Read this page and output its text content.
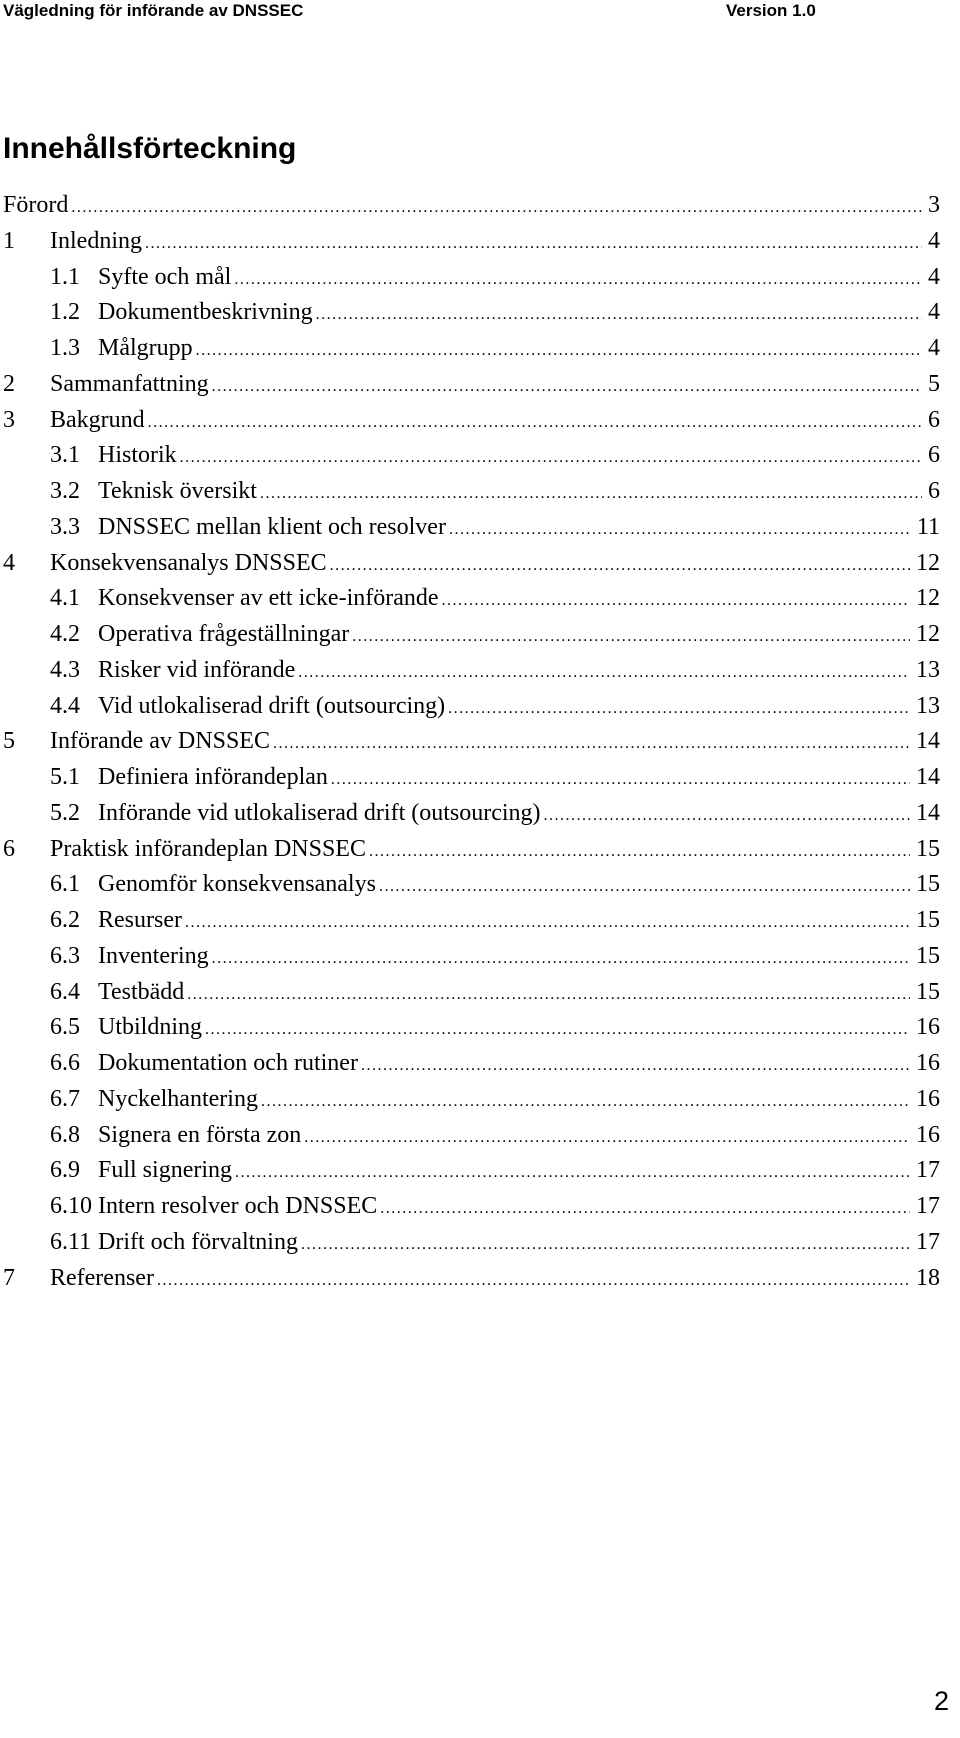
Vägledning för införande av DNSSEC	Version 1.0
Innehållsförteckning
Förord .....	3
1 Inledning .....	4
1.1 Syfte och mål .....	4
1.2 Dokumentbeskrivning .....	4
1.3 Målgrupp .....	4
2 Sammanfattning .....	5
3 Bakgrund .....	6
3.1 Historik .....	6
3.2 Teknisk översikt .....	6
3.3 DNSSEC mellan klient och resolver .....	11
4 Konsekvensanalys DNSSEC .....	12
4.1 Konsekvenser av ett icke-införande .....	12
4.2 Operativa frågeställningar .....	12
4.3 Risker vid införande .....	13
4.4 Vid utlokaliserad drift (outsourcing) .....	13
5 Införande av DNSSEC .....	14
5.1 Definiera införandeplan .....	14
5.2 Införande vid utlokaliserad drift (outsourcing) .....	14
6 Praktisk införandeplan DNSSEC .....	15
6.1 Genomför konsekvensanalys .....	15
6.2 Resurser .....	15
6.3 Inventering .....	15
6.4 Testbädd .....	15
6.5 Utbildning .....	16
6.6 Dokumentation och rutiner .....	16
6.7 Nyckelhantering .....	16
6.8 Signera en första zon .....	16
6.9 Full signering .....	17
6.10 Intern resolver och DNSSEC .....	17
6.11 Drift och förvaltning .....	17
7 Referenser .....	18
2
